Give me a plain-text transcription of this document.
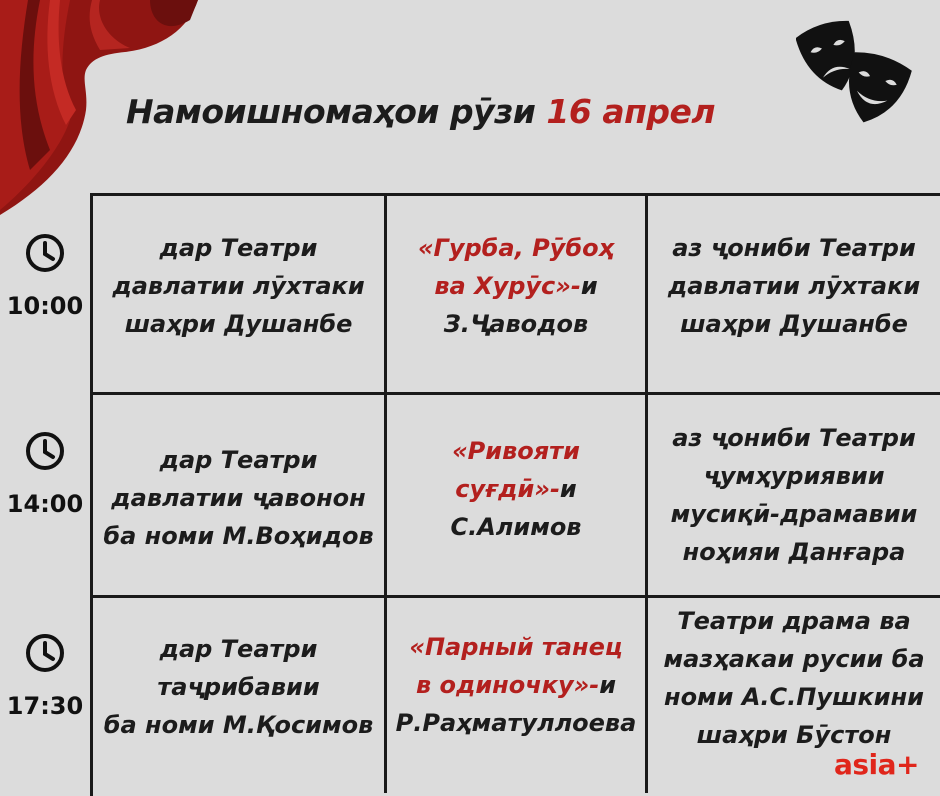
Намоишномаҳои рӯзи 16 апрел
10:00
дар Театри
давлатии лӯхтаки
шаҳри Душанбе
«Гурба, Рӯбоҳ
ва Хурӯс»-и
З.Ҷаводов
аз ҷониби Театри
давлатии лӯхтаки
шаҳри Душанбе
14:00
дар Театри
давлатии ҷавонон
ба номи М.Воҳидов
«Ривояти
суғдӣ»-и
С.Алимов
аз ҷониби Театри
ҷумҳуриявии
мусиқӣ-драмавии
ноҳияи Данғара
17:30
дар Театри
таҷрибавии
ба номи М.Қосимов
«Парный танец
в одиночку»-и
Р.Раҳматуллоева
Театри драма ва
мазҳакаи русии ба
номи А.С.Пушкини
шаҳри Бӯстон
asia+
